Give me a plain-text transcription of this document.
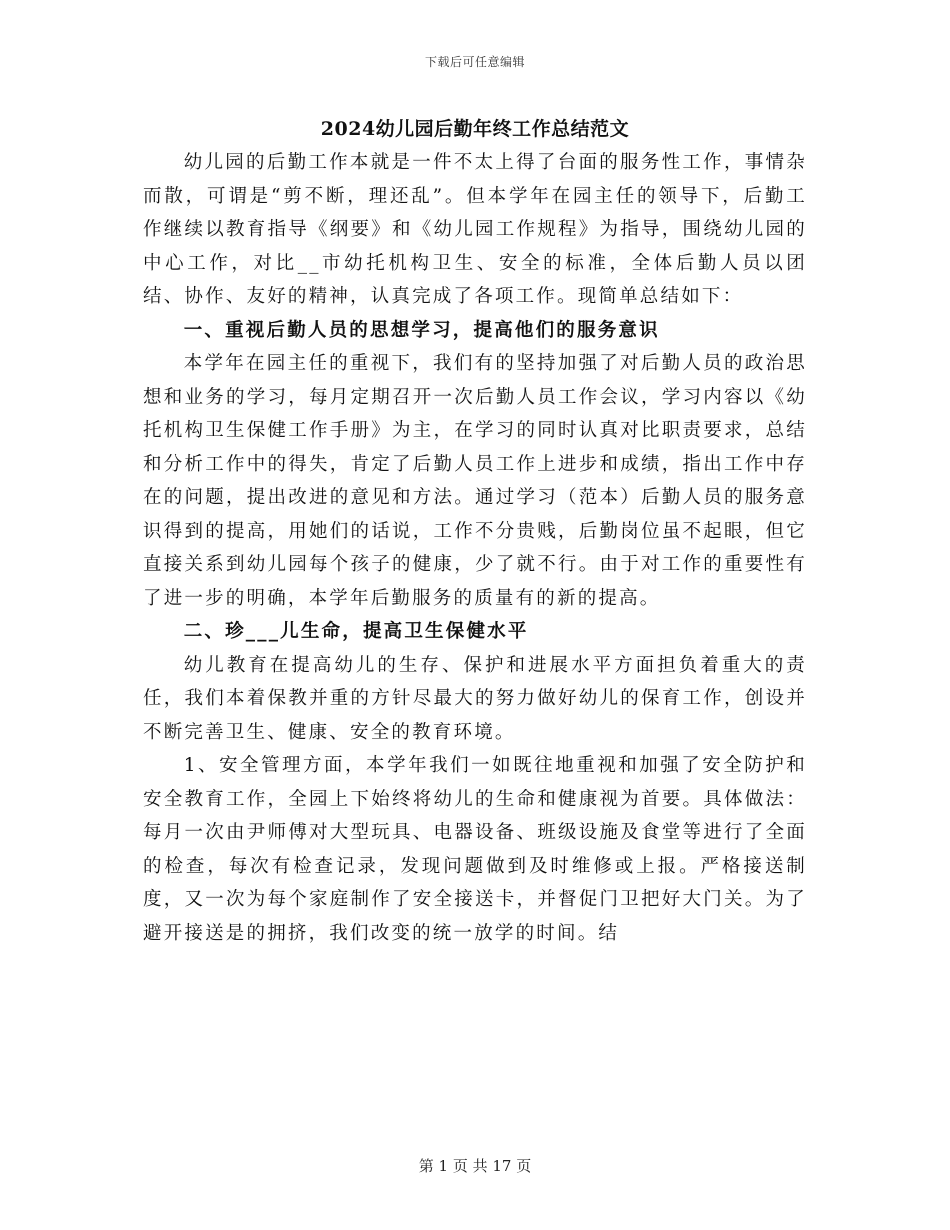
下载后可任意编辑
2024幼儿园后勤年终工作总结范文

幼儿园的后勤工作本就是一件不太上得了台面的服务性工作，事情杂而散，可谓是“剪不断，理还乱”。但本学年在园主任的领导下，后勤工作继续以教育指导《纲要》和《幼儿园工作规程》为指导，围绕幼儿园的中心工作，对比__市幼托机构卫生、安全的标准，全体后勤人员以团结、协作、友好的精神，认真完成了各项工作。现简单总结如下：

一、重视后勤人员的思想学习，提高他们的服务意识

本学年在园主任的重视下，我们有的坚持加强了对后勤人员的政治思想和业务的学习，每月定期召开一次后勤人员工作会议，学习内容以《幼托机构卫生保健工作手册》为主，在学习的同时认真对比职责要求，总结和分析工作中的得失，肯定了后勤人员工作上进步和成绩，指出工作中存在的问题，提出改进的意见和方法。通过学习（范本）后勤人员的服务意识得到的提高，用她们的话说，工作不分贵贱，后勤岗位虽不起眼，但它直接关系到幼儿园每个孩子的健康，少了就不行。由于对工作的重要性有了进一步的明确，本学年后勤服务的质量有的新的提高。

二、珍___儿生命，提高卫生保健水平

幼儿教育在提高幼儿的生存、保护和进展水平方面担负着重大的责任，我们本着保教并重的方针尽最大的努力做好幼儿的保育工作，创设并不断完善卫生、健康、安全的教育环境。

1、安全管理方面，本学年我们一如既往地重视和加强了安全防护和安全教育工作，全园上下始终将幼儿的生命和健康视为首要。具体做法：每月一次由尹师傅对大型玩具、电器设备、班级设施及食堂等进行了全面的检查，每次有检查记录，发现问题做到及时维修或上报。严格接送制度，又一次为每个家庭制作了安全接送卡，并督促门卫把好大门关。为了避开接送是的拥挤，我们改变的统一放学的时间。结

第 1 页 共 17 页
